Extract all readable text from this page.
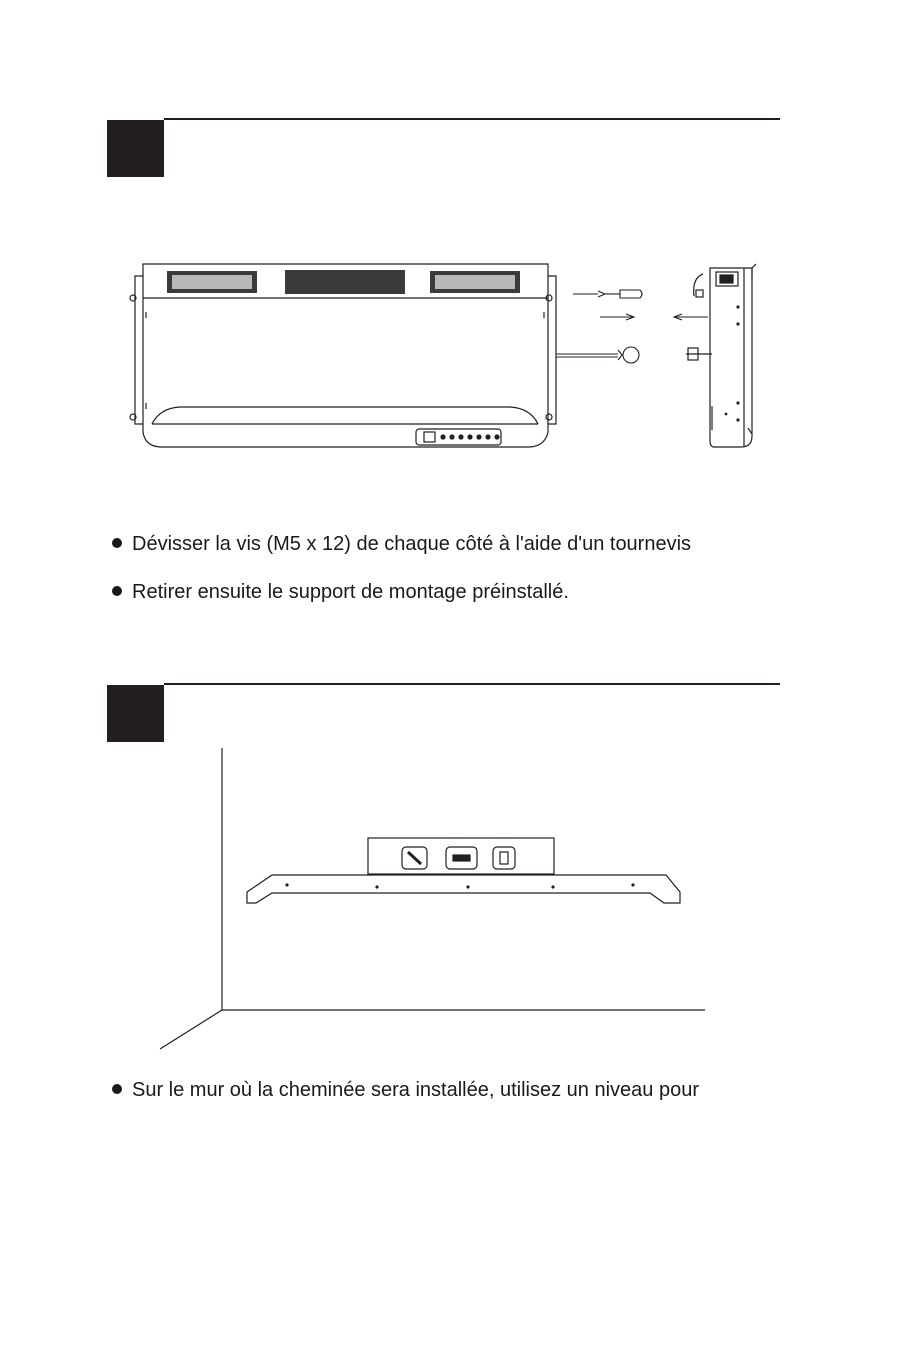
Dévisser la vis (M5 x 12) de chaque côté à l'aide d'un tournevis
Retirer ensuite le support de montage préinstallé.
Sur le mur où la cheminée sera installée, utilisez un niveau pour
